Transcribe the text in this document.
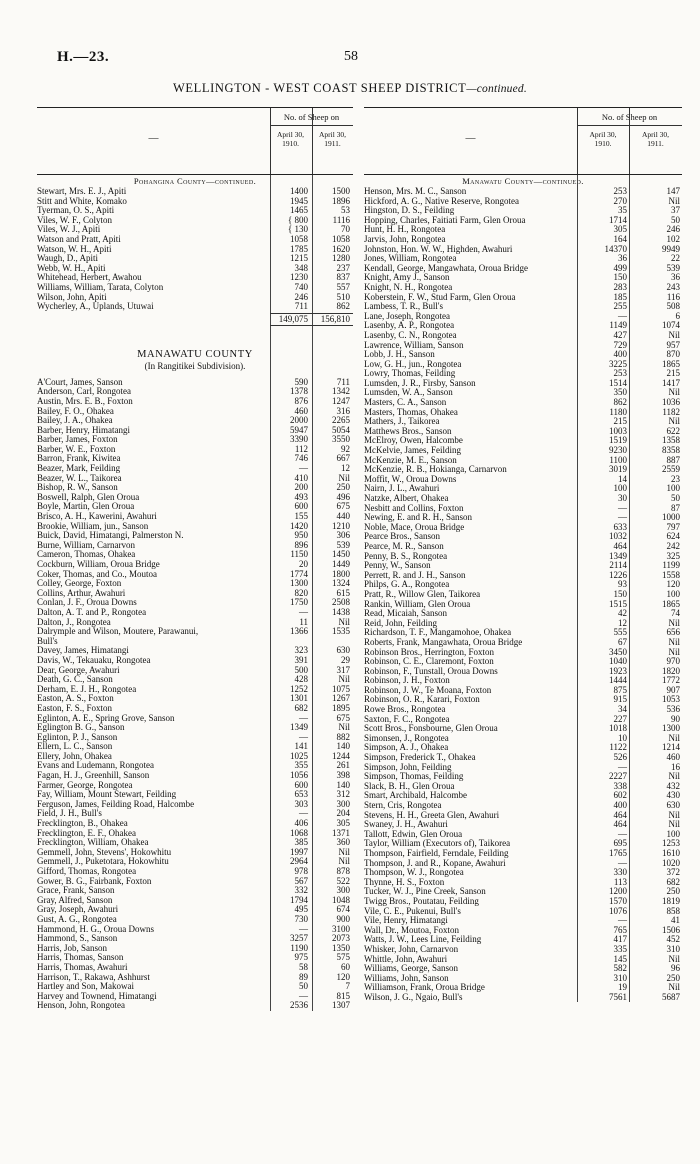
H.—23.	58
WELLINGTON - WEST COAST SHEEP DISTRICT—continued.
—
No. of Sheep on
April 30,
1910.
April 30,
1911.
Pohangina County—continued.
Stewart, Mrs. E. J., Apiti	1400	1500
Stitt and White, Komako	1945	1896
Tyerman, O. S., Apiti	1465	53
Viles, W. F., Colyton	{ 800	1116
Viles, W. J., Apiti	{ 130	70
Watson and Pratt, Apiti	1058	1058
Watson, W. H., Apiti	1785	1620
Waugh, D., Apiti	1215	1280
Webb, W. H., Apiti	348	237
Whitehead, Herbert, Awahou	1230	837
Williams, William, Tarata, Colyton	740	557
Wilson, John, Apiti	246	510
Wycherley, A., Uplands, Utuwai	711	862
149,075	156,810
MANAWATU COUNTY
(In Rangitikei Subdivision).
A'Court, James, Sanson	590	711
Anderson, Carl, Rongotea	1378	1342
Austin, Mrs. E. B., Foxton	876	1247
Bailey, F. O., Ohakea	460	316
Bailey, J. A., Ohakea	2000	2265
Barber, Henry, Himatangi	5947	5054
Barber, James, Foxton	3390	3550
Barber, W. E., Foxton	112	92
Barron, Frank, Kiwitea	746	667
Beazer, Mark, Feilding	—	12
Beazer, W. L., Taikorea	410	Nil
Bishop, R. W., Sanson	200	250
Boswell, Ralph, Glen Oroua	493	496
Boyle, Martin, Glen Oroua	600	675
Brisco, A. H., Kawerini, Awahuri	155	440
Brookie, William, jun., Sanson	1420	1210
Buick, David, Himatangi, Palmerston N.	950	306
Burne, William, Carnarvon	896	539
Cameron, Thomas, Ohakea	1150	1450
Cockburn, William, Oroua Bridge	20	1449
Coker, Thomas, and Co., Moutoa	1774	1800
Colley, George, Foxton	1300	1324
Collins, Arthur, Awahuri	820	615
Conlan, J. F., Oroua Downs	1750	2508
Dalton, A. T. and P., Rongotea	—	1438
Dalton, J., Rongotea	11	Nil
Dalrymple and Wilson, Moutere, Parawanui,	1366	1535
Bull's
Davey, James, Himatangi	323	630
Davis, W., Tekauaku, Rongotea	391	29
Dear, George, Awahuri	500	317
Death, G. C., Sanson	428	Nil
Derham, E. J. H., Rongotea	1252	1075
Easton, A. S., Foxton	1301	1267
Easton, F. S., Foxton	682	1895
Eglinton, A. E., Spring Grove, Sanson	—	675
Eglington B. G., Sanson	1349	Nil
Eglinton, P. J., Sanson	—	882
Ellern, L. C., Sanson	141	140
Ellery, John, Ohakea	1025	1244
Evans and Ludemann, Rongotea	355	261
Fagan, H. J., Greenhill, Sanson	1056	398
Farmer, George, Rongotea	600	140
Fay, William, Mount Stewart, Feilding	653	312
Ferguson, James, Feilding Road, Halcombe	303	300
Field, J. H., Bull's	—	204
Frecklington, B., Ohakea	406	305
Frecklington, E. F., Ohakea	1068	1371
Frecklington, William, Ohakea	385	360
Gemmell, John, Stevens', Hokowhitu	1997	Nil
Gemmell, J., Puketotara, Hokowhitu	2964	Nil
Gifford, Thomas, Rongotea	978	878
Gower, B. G., Fairbank, Foxton	567	522
Grace, Frank, Sanson	332	300
Gray, Alfred, Sanson	1794	1048
Gray, Joseph, Awahuri	495	674
Gust, A. G., Rongotea	730	900
Hammond, H. G., Oroua Downs	—	3100
Hammond, S., Sanson	3257	2073
Harris, Job, Sanson	1190	1350
Harris, Thomas, Sanson	975	575
Harris, Thomas, Awahuri	58	60
Harrison, T., Rakawa, Ashhurst	89	120
Hartley and Son, Makowai	50	7
Harvey and Townend, Himatangi	—	815
Henson, John, Rongotea	2536	1307
—
No. of Sheep on
April 30,
1910.
April 30,
1911.
Manawatu County—continued.
Henson, Mrs. M. C., Sanson	253	147
Hickford, A. G., Native Reserve, Rongotea	270	Nil
Hingston, D. S., Feilding	35	37
Hopping, Charles, Faitiati Farm, Glen Oroua	1714	50
Hunt, H. H., Rongotea	305	246
Jarvis, John, Rongotea	164	102
Johnston, Hon. W. W., Highden, Awahuri	14370	9949
Jones, William, Rongotea	36	22
Kendall, George, Mangawhata, Oroua Bridge	499	539
Knight, Amy J., Sanson	150	36
Knight, N. H., Rongotea	283	243
Koberstein, F. W., Stud Farm, Glen Oroua	185	116
Lambess, T. R., Bull's	255	508
Lane, Joseph, Rongotea	—	6
Lasenby, A. P., Rongotea	1149	1074
Lasenby, C. N., Rongotea	427	Nil
Lawrence, William, Sanson	729	957
Lobb, J. H., Sanson	400	870
Low, G. H., jun., Rongotea	3225	1865
Lowry, Thomas, Feilding	253	215
Lumsden, J. R., Firsby, Sanson	1514	1417
Lumsden, W. A., Sanson	350	Nil
Masters, C. A., Sanson	862	1036
Masters, Thomas, Ohakea	1180	1182
Mathers, J., Taikorea	215	Nil
Matthews Bros., Sanson	1003	622
McElroy, Owen, Halcombe	1519	1358
McKelvie, James, Feilding	9230	8358
McKenzie, M. E., Sanson	1100	887
McKenzie, R. B., Hokianga, Carnarvon	3019	2559
Moffit, W., Oroua Downs	14	23
Nairn, J. L., Awahuri	100	100
Natzke, Albert, Ohakea	30	50
Nesbitt and Collins, Foxton	—	87
Newing, E. and R. H., Sanson	—	1000
Noble, Mace, Oroua Bridge	633	797
Pearce Bros., Sanson	1032	624
Pearce, M. R., Sanson	464	242
Penny, B. S., Rongotea	1349	325
Penny, W., Sanson	2114	1199
Perrett, R. and J. H., Sanson	1226	1558
Philps, G. A., Rongotea	93	120
Pratt, R., Willow Glen, Taikorea	150	100
Rankin, William, Glen Oroua	1515	1865
Read, Micaiah, Sanson	42	74
Reid, John, Feilding	12	Nil
Richardson, T. F., Mangamohoe, Ohakea	555	656
Roberts, Frank, Mangawhata, Oroua Bridge	67	Nil
Robinson Bros., Herrington, Foxton	3450	Nil
Robinson, C. E., Claremont, Foxton	1040	970
Robinson, F., Tunstall, Oroua Downs	1923	1820
Robinson, J. H., Foxton	1444	1772
Robinson, J. W., Te Moana, Foxton	875	907
Robinson, O. R., Karari, Foxton	915	1053
Rowe Bros., Rongotea	34	536
Saxton, F. C., Rongotea	227	90
Scott Bros., Fonsbourne, Glen Oroua	1018	1300
Simonsen, J., Rongotea	10	Nil
Simpson, A. J., Ohakea	1122	1214
Simpson, Frederick T., Ohakea	526	460
Simpson, John, Feilding	—	16
Simpson, Thomas, Feilding	2227	Nil
Slack, B. H., Glen Oroua	338	432
Smart, Archibald, Halcombe	602	430
Stern, Cris, Rongotea	400	630
Stevens, H. H., Greeta Glen, Awahuri	464	Nil
Swaney, J. H., Awahuri	464	Nil
Tallott, Edwin, Glen Oroua	—	100
Taylor, William (Executors of), Taikorea	695	1253
Thompson, Fairfield, Ferndale, Feilding	1765	1610
Thompson, J. and R., Kopane, Awahuri	—	1020
Thompson, W. J., Rongotea	330	372
Thynne, H. S., Foxton	113	682
Tucker, W. J., Pine Creek, Sanson	1200	250
Twigg Bros., Poutatau, Feilding	1570	1819
Vile, C. E., Pukenui, Bull's	1076	858
Vile, Henry, Himatangi	—	41
Wall, Dr., Moutoa, Foxton	765	1506
Watts, J. W., Lees Line, Feilding	417	452
Whisker, John, Carnarvon	335	310
Whittle, John, Awahuri	145	Nil
Williams, George, Sanson	582	96
Williams, John, Sanson	310	250
Williamson, Frank, Oroua Bridge	19	Nil
Wilson, J. G., Ngaio, Bull's	7561	5687
